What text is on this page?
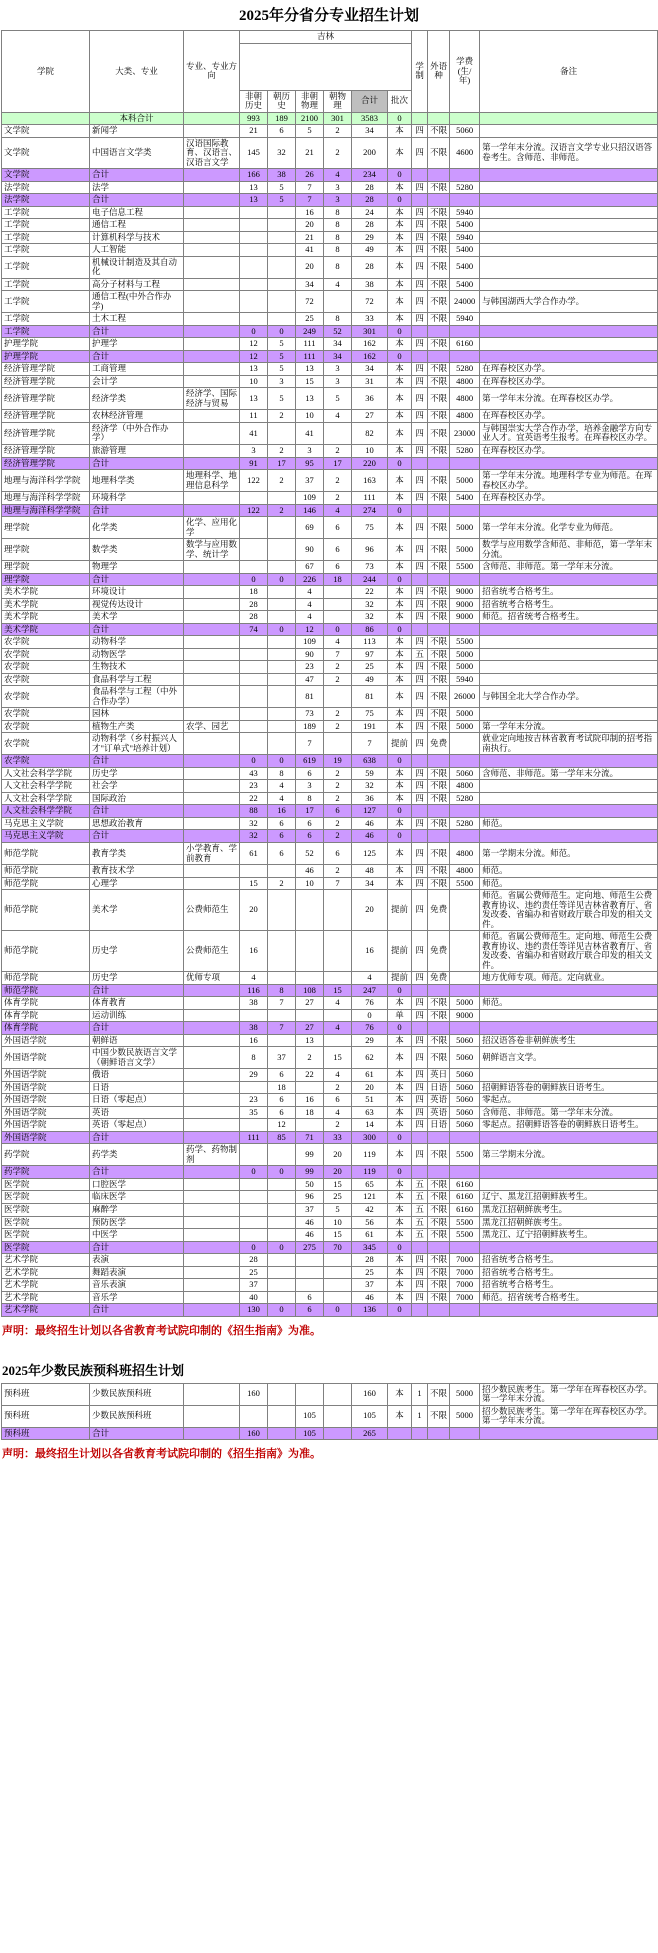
2025年分省分专业招生计划
学院	大类、专业	专业、专业方向	吉林						学制	外语种	学费(生/年)	备注

			非朝历史	朝历史	非朝物理	朝物理	合计	批次				
	本科合计		993	189	2100	301	3583	0				
文学院	新闻学		21	6	5	2	34	本	四	不限	5060	
文学院	中国语言文学类	汉语国际教育、汉语言、汉语言文学	145	32	21	2	200	本	四	不限	4600	第一学年末分流。汉语言文学专业只招汉语答卷考生。含师范、非师范。
文学院	合计		166	38	26	4	234	0				
法学院	法学		13	5	7	3	28	本	四	不限	5280	
法学院	合计		13	5	7	3	28	0				
工学院	电子信息工程				16	8	24	本	四	不限	5940	
工学院	通信工程				20	8	28	本	四	不限	5400	
工学院	计算机科学与技术				21	8	29	本	四	不限	5940	
工学院	人工智能				41	8	49	本	四	不限	5400	
工学院	机械设计制造及其自动化				20	8	28	本	四	不限	5400	
工学院	高分子材料与工程				34	4	38	本	四	不限	5400	
工学院	通信工程(中外合作办学)				72		72	本	四	不限	24000	与韩国湖西大学合作办学。
工学院	土木工程				25	8	33	本	四	不限	5940	
工学院	合计		0	0	249	52	301	0				
护理学院	护理学		12	5	111	34	162	本	四	不限	6160	
护理学院	合计		12	5	111	34	162	0				
经济管理学院	工商管理		13	5	13	3	34	本	四	不限	5280	在珲春校区办学。
经济管理学院	会计学		10	3	15	3	31	本	四	不限	4800	在珲春校区办学。
经济管理学院	经济学类	经济学、国际经济与贸易	13	5	13	5	36	本	四	不限	4800	第一学年末分流。在珲春校区办学。
经济管理学院	农林经济管理		11	2	10	4	27	本	四	不限	4800	在珲春校区办学。
经济管理学院	经济学（中外合作办学）		41		41		82	本	四	不限	23000	与韩国崇实大学合作办学，培养金融学方向专业人才。宜英语考生报考。在珲春校区办学。
经济管理学院	旅游管理		3	2	3	2	10	本	四	不限	5280	在珲春校区办学。
经济管理学院	合计		91	17	95	17	220	0				
地理与海洋科学学院	地理科学类	地理科学、地理信息科学	122	2	37	2	163	本	四	不限	5000	第一学年末分流。地理科学专业为师范。在珲春校区办学。
地理与海洋科学学院	环境科学				109	2	111	本	四	不限	5400	在珲春校区办学。
地理与海洋科学学院	合计		122	2	146	4	274	0				
理学院	化学类	化学、应用化学			69	6	75	本	四	不限	5000	第一学年末分流。化学专业为师范。
理学院	数学类	数学与应用数学、统计学			90	6	96	本	四	不限	5000	数学与应用数学含师范、非师范，第一学年末分流。
理学院	物理学				67	6	73	本	四	不限	5500	含师范、非师范。第一学年末分流。
理学院	合计		0	0	226	18	244	0				
美术学院	环境设计		18		4		22	本	四	不限	9000	招省统考合格考生。
美术学院	视觉传达设计		28		4		32	本	四	不限	9000	招省统考合格考生。
美术学院	美术学		28		4		32	本	四	不限	9000	师范。招省统考合格考生。
美术学院	合计		74	0	12	0	86	0				
农学院	动物科学				109	4	113	本	四	不限	5500	
农学院	动物医学				90	7	97	本	五	不限	5000	
农学院	生物技术				23	2	25	本	四	不限	5000	
农学院	食品科学与工程				47	2	49	本	四	不限	5940	
农学院	食品科学与工程（中外合作办学）				81		81	本	四	不限	26000	与韩国全北大学合作办学。
农学院	园林				73	2	75	本	四	不限	5000	
农学院	植物生产类	农学、园艺			189	2	191	本	四	不限	5000	第一学年末分流。
农学院	动物科学（乡村振兴人才"订单式"培养计划）				7		7	提前	四	免费		就业定向地按吉林省教育考试院印制的招考指南执行。
农学院	合计		0	0	619	19	638	0				
人文社会科学学院	历史学		43	8	6	2	59	本	四	不限	5060	含师范、非师范。第一学年末分流。
人文社会科学学院	社会学		23	4	3	2	32	本	四	不限	4800	
人文社会科学学院	国际政治		22	4	8	2	36	本	四	不限	5280	
人文社会科学学院	合计		88	16	17	6	127	0				
马克思主义学院	思想政治教育		32	6	6	2	46	本	四	不限	5280	师范。
马克思主义学院	合计		32	6	6	2	46	0				
师范学院	教育学类	小学教育、学前教育	61	6	52	6	125	本	四	不限	4800	第一学期末分流。师范。
师范学院	教育技术学				46	2	48	本	四	不限	4800	师范。
师范学院	心理学		15	2	10	7	34	本	四	不限	5500	师范。
师范学院	美术学	公费师范生	20				20	提前	四	免费		师范。省属公费师范生。定向地、师范生公费教育协议、违约责任等详见吉林省教育厅、省发改委、省编办和省财政厅联合印发的相关文件。
师范学院	历史学	公费师范生	16				16	提前	四	免费		师范。省属公费师范生。定向地、师范生公费教育协议、违约责任等详见吉林省教育厅、省发改委、省编办和省财政厅联合印发的相关文件。
师范学院	历史学	优师专项	4				4	提前	四	免费		地方优师专项。师范。定向就业。
师范学院	合计		116	8	108	15	247	0				
体育学院	体育教育		38	7	27	4	76	本	四	不限	5000	师范。
体育学院	运动训练						0	单	四	不限	9000	
体育学院	合计		38	7	27	4	76	0				
外国语学院	朝鲜语		16		13		29	本	四	不限	5060	招汉语答卷非朝鲜族考生
外国语学院	中国少数民族语言文学（朝鲜语言文学）		8	37	2	15	62	本	四	不限	5060	朝鲜语言文学。
外国语学院	俄语		29	6	22	4	61	本	四	英日	5060	
外国语学院	日语			18		2	20	本	四	日语	5060	招朝鲜语答卷的朝鲜族日语考生。
外国语学院	日语（零起点）		23	6	16	6	51	本	四	英语	5060	零起点。
外国语学院	英语		35	6	18	4	63	本	四	英语	5060	含师范、非师范。第一学年末分流。
外国语学院	英语（零起点）			12		2	14	本	四	日语	5060	零起点。招朝鲜语答卷的朝鲜族日语考生。
外国语学院	合计		111	85	71	33	300	0				
药学院	药学类	药学、药物制剂			99	20	119	本	四	不限	5500	第三学期末分流。
药学院	合计		0	0	99	20	119	0				
医学院	口腔医学				50	15	65	本	五	不限	6160	
医学院	临床医学				96	25	121	本	五	不限	6160	辽宁、黑龙江招朝鲜族考生。
医学院	麻醉学				37	5	42	本	五	不限	6160	黑龙江招朝鲜族考生。
医学院	预防医学				46	10	56	本	五	不限	5500	黑龙江招朝鲜族考生。
医学院	中医学				46	15	61	本	五	不限	5500	黑龙江、辽宁招朝鲜族考生。
医学院	合计		0	0	275	70	345	0				
艺术学院	表演		28				28	本	四	不限	7000	招省统考合格考生。
艺术学院	舞蹈表演		25				25	本	四	不限	7000	招省统考合格考生。
艺术学院	音乐表演		37				37	本	四	不限	7000	招省统考合格考生。
艺术学院	音乐学		40		6		46	本	四	不限	7000	师范。招省统考合格考生。
艺术学院	合计		130	0	6	0	136	0				
声明：最终招生计划以各省教育考试院印制的《招生指南》为准。
2025年少数民族预科班招生计划
预科班	少数民族预科班		160				160	本	1	不限	5000	招少数民族考生。第一学年在珲春校区办学。第一学年末分流。
预科班	少数民族预科班				105		105	本	1	不限	5000	招少数民族考生。第一学年在珲春校区办学。第一学年末分流。
预科班	合计		160		105		265					
声明：最终招生计划以各省教育考试院印制的《招生指南》为准。
